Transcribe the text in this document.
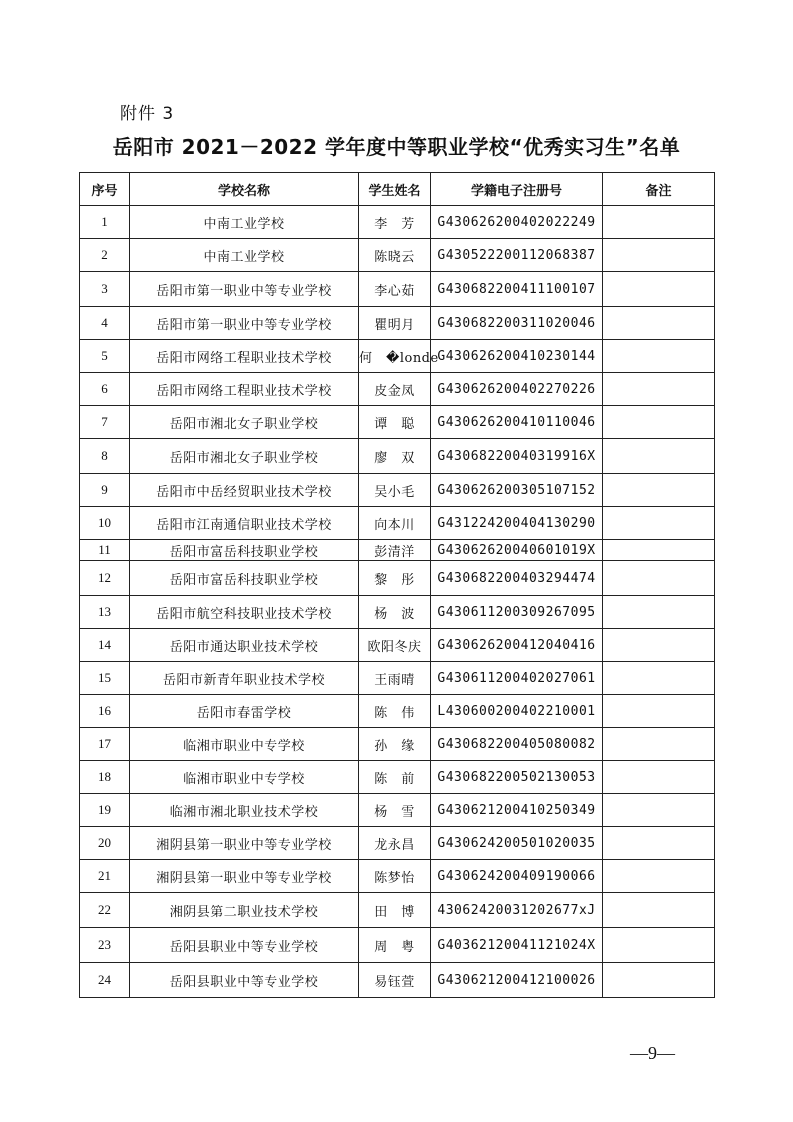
附件 3
岳阳市 2021－2022 学年度中等职业学校“优秀实习生”名单
序号	学校名称	学生姓名	学籍电子注册号	备注
1	中南工业学校	李　芳	G430626200402022249	
2	中南工业学校	陈晓云	G430522200112068387	
3	岳阳市第一职业中等专业学校	李心茹	G430682200411100107	
4	岳阳市第一职业中等专业学校	瞿明月	G430682200311020046	
5	岳阳市网络工程职业技术学校	何　�londe	G430626200410230144	
6	岳阳市网络工程职业技术学校	皮金凤	G430626200402270226	
7	岳阳市湘北女子职业学校	谭　聪	G430626200410110046	
8	岳阳市湘北女子职业学校	廖　双	G43068220040319916X	
9	岳阳市中岳经贸职业技术学校	吴小毛	G430626200305107152	
10	岳阳市江南通信职业技术学校	向本川	G431224200404130290	
11	岳阳市富岳科技职业学校	彭清洋	G43062620040601019X	
12	岳阳市富岳科技职业学校	黎　彤	G430682200403294474	
13	岳阳市航空科技职业技术学校	杨　波	G430611200309267095	
14	岳阳市通达职业技术学校	欧阳冬庆	G430626200412040416	
15	岳阳市新青年职业技术学校	王雨晴	G430611200402027061	
16	岳阳市春雷学校	陈　伟	L430600200402210001	
17	临湘市职业中专学校	孙　缘	G430682200405080082	
18	临湘市职业中专学校	陈　前	G430682200502130053	
19	临湘市湘北职业技术学校	杨　雪	G430621200410250349	
20	湘阴县第一职业中等专业学校	龙永昌	G430624200501020035	
21	湘阴县第一职业中等专业学校	陈梦怡	G430624200409190066	
22	湘阴县第二职业技术学校	田　博	43062420031202677xJ	
23	岳阳县职业中等专业学校	周　粤	G40362120041121024X	
24	岳阳县职业中等专业学校	易钰萱	G430621200412100026	
—9—
